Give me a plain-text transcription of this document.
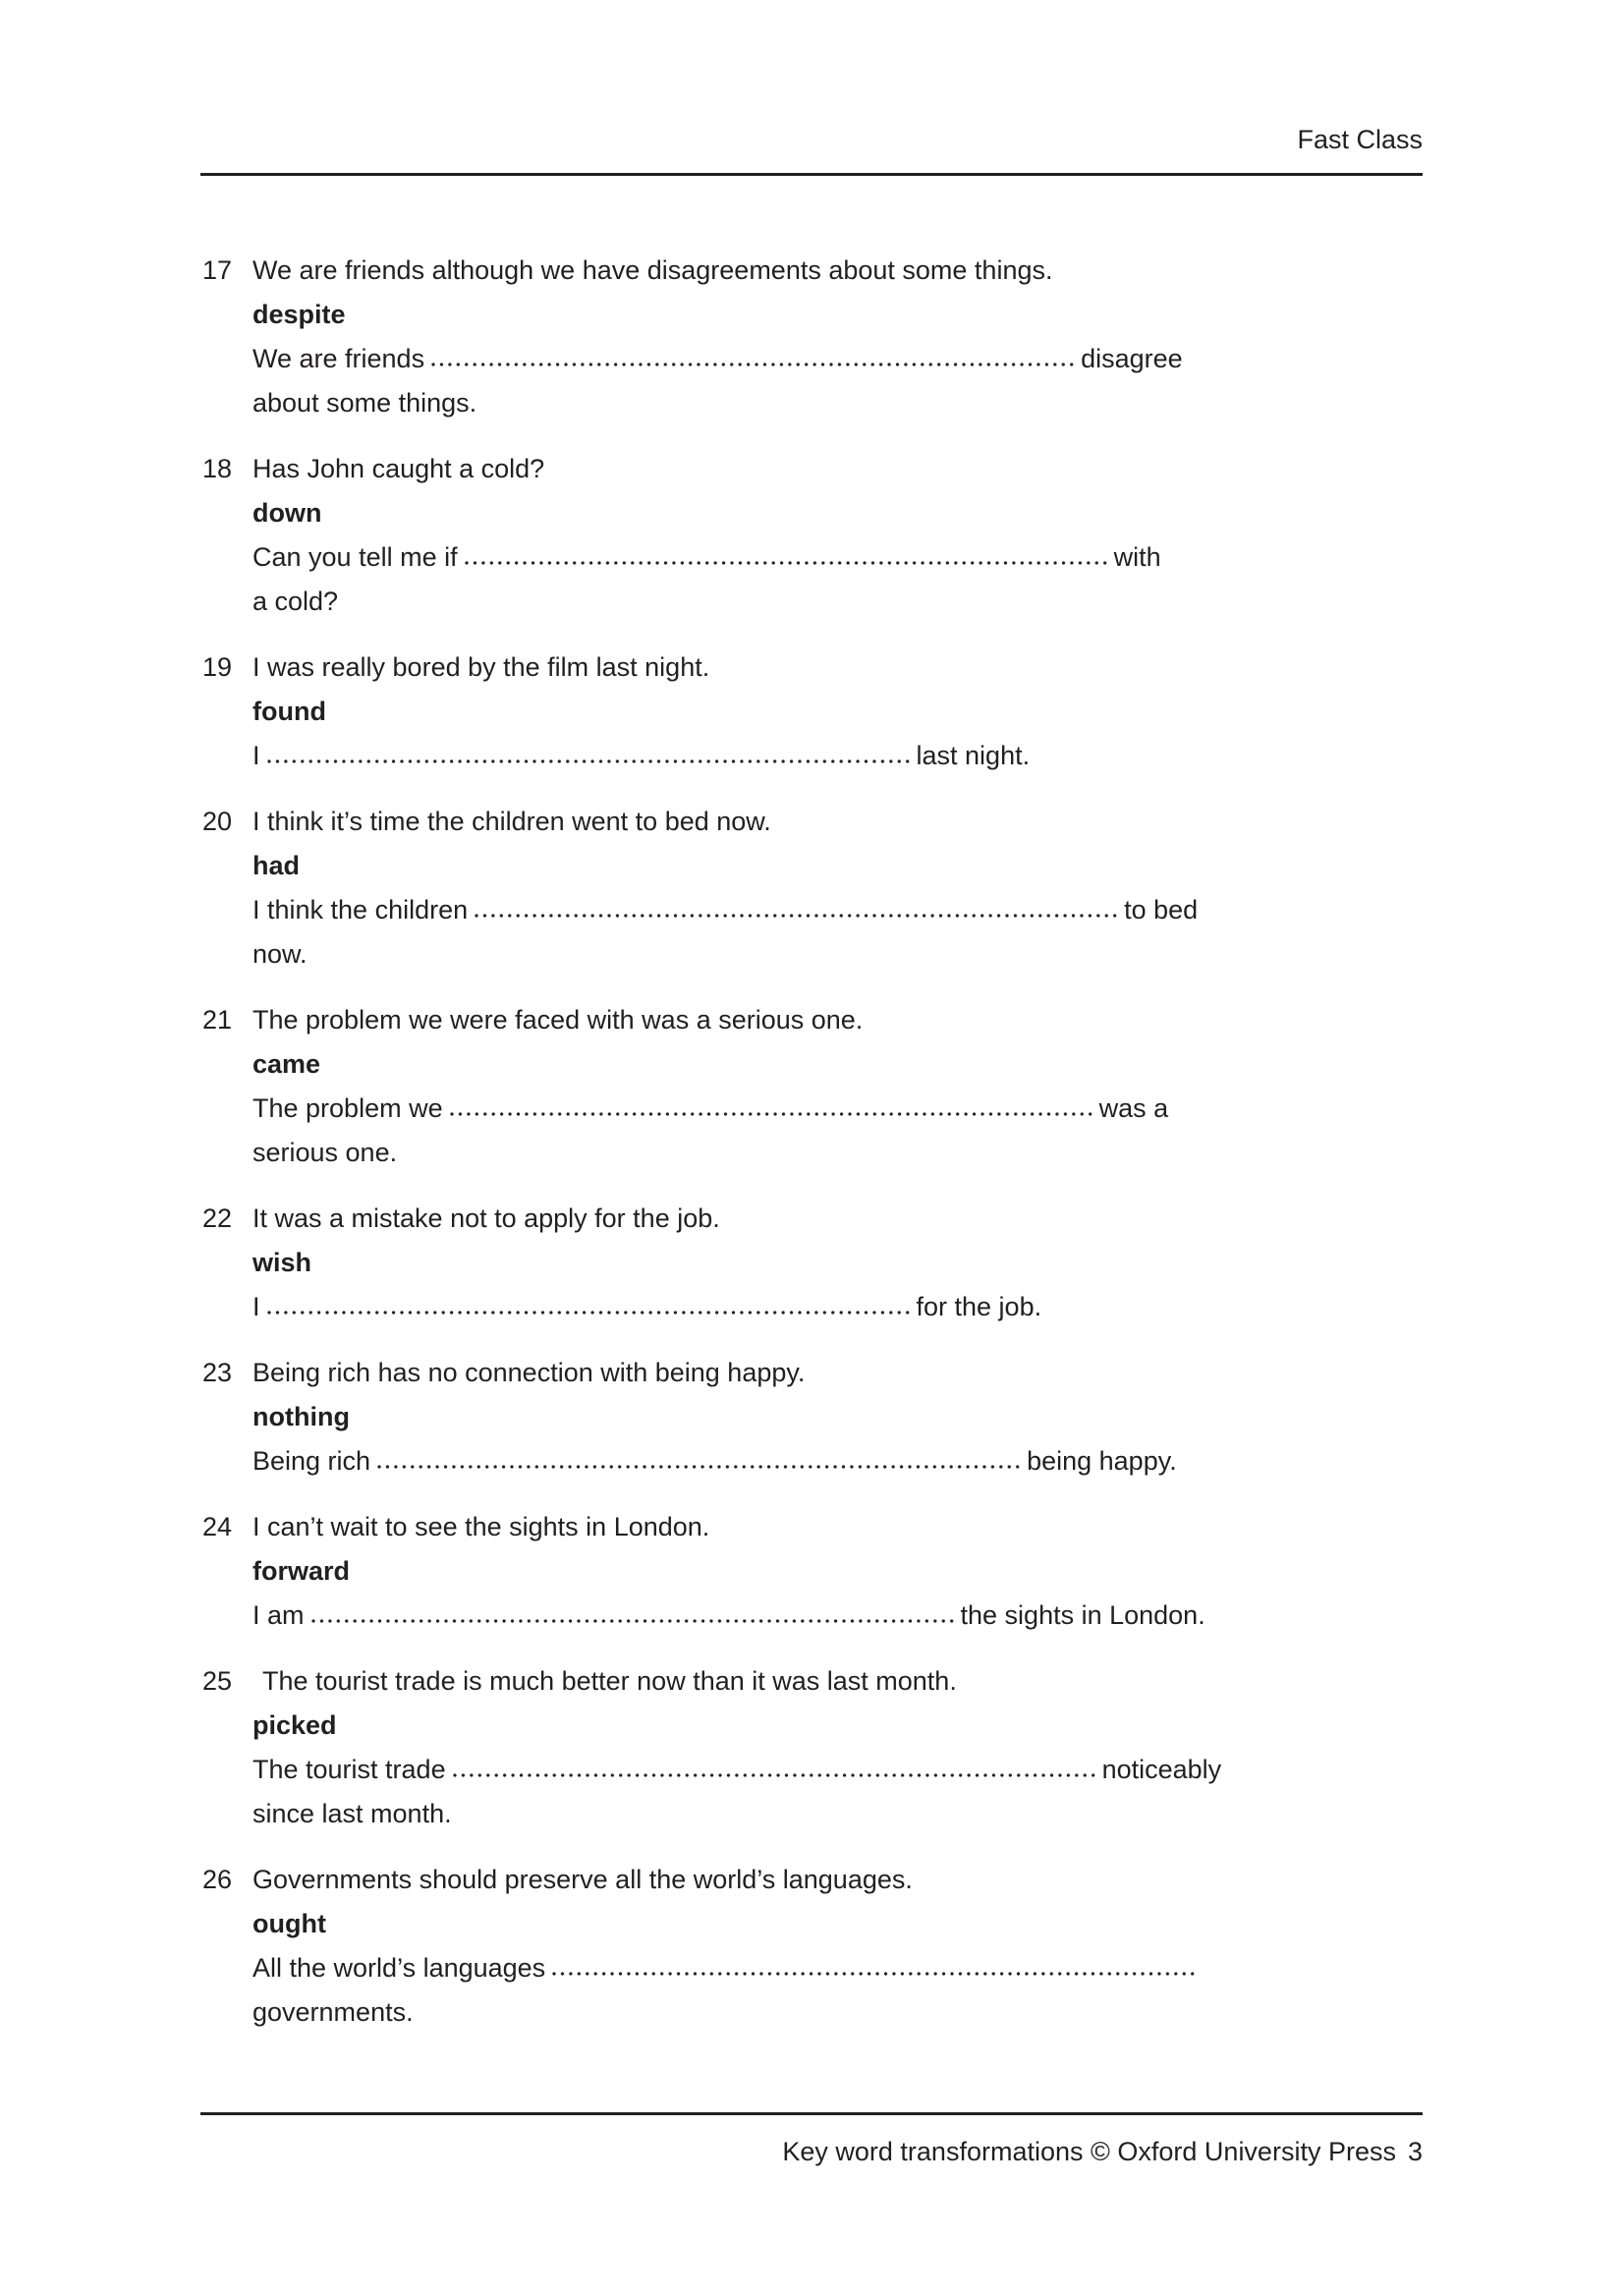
Fast Class
17 We are friends although we have disagreements about some things.
despite
We are friends	disagree
about some things.
18 Has John caught a cold?
down
Can you tell me if	with
a cold?
19 I was really bored by the film last night.
found
I	last night.
20 I think it’s time the children went to bed now.
had
I think the children	to bed
now.
21 The problem we were faced with was a serious one.
came
The problem we	was a
serious one.
22 It was a mistake not to apply for the job.
wish
I	for the job.
23 Being rich has no connection with being happy.
nothing
Being rich	being happy.
24 I can’t wait to see the sights in London.
forward
I am	the sights in London.
25	The tourist trade is much better now than it was last month.
picked
The tourist trade	noticeably
since last month.
26 Governments should preserve all the world’s languages.
ought
All the world’s languages
governments.
Key word transformations © Oxford University Press 3
